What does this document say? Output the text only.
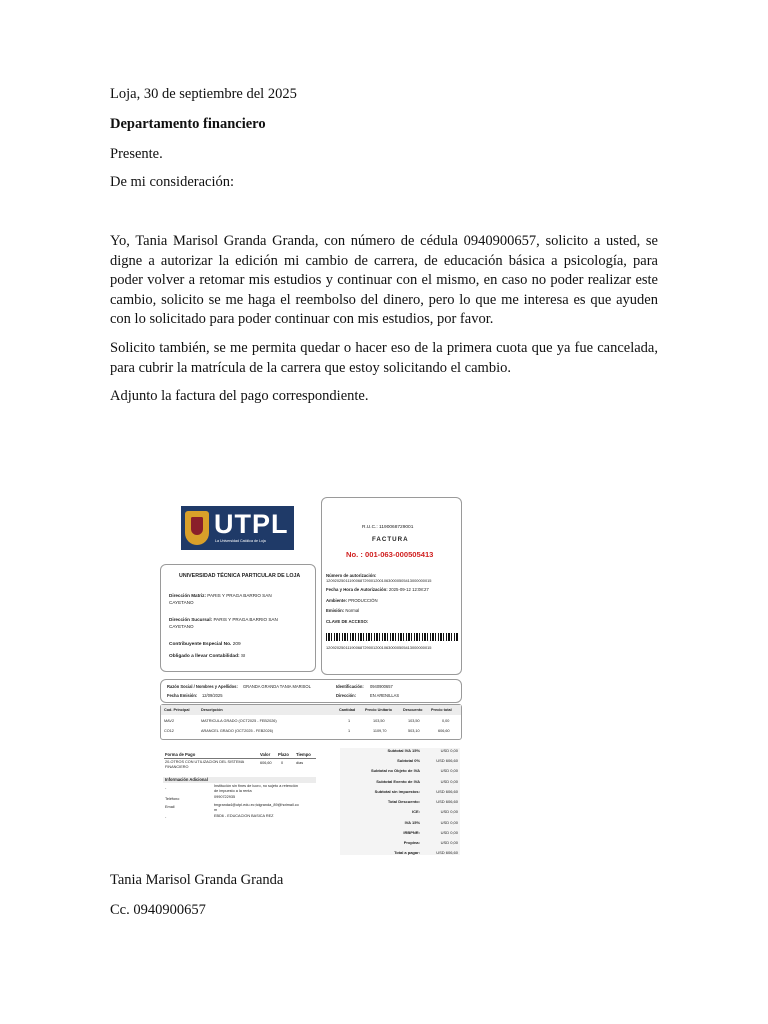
Loja, 30 de septiembre del 2025
Departamento financiero
Presente.
De mi consideración:
Yo, Tania Marisol Granda Granda, con número de cédula 0940900657, solicito a usted, se digne a autorizar la edición mi cambio de carrera, de educación básica a psicología, para poder volver a retomar mis estudios y continuar con el mismo, en caso no poder realizar este cambio, solicito se me haga el reembolso del dinero, pero lo que me interesa es que ayuden con lo solicitado para poder continuar con mis estudios, por favor.
Solicito también, se me permita quedar o hacer eso de la primera cuota que ya fue cancelada, para cubrir la matrícula de la carrera que estoy solicitando el cambio.
Adjunto la factura del pago correspondiente.
UTPL
La Universidad Católica de Loja
UNIVERSIDAD TÉCNICA PARTICULAR DE LOJA
Dirección Matriz: PARIS Y PRAGA BARRIO SAN
CAYETANO
Dirección Sucursal: PARIS Y PRAGA BARRIO SAN
CAYETANO
Contribuyente Especial No. 209
Obligado a llevar Contabilidad: SI
R.U.C.: 1190068729001
FACTURA
No. : 001-063-000505413
Número de autorización:
1209202501119006872900120010630000505413000000015
Fecha y Hora de Autorización: 2025-09-12 12:08:27
Ambiente: PRODUCCIÓN
Emisión: Normal
CLAVE DE ACCESO:
1209202501119006872900120010630000505413000000015
Razón Social / Nombres y Apellidos: GRANDA GRANDA TANIA MARISOL	Identificación: 0940900657
Fecha Emisión: 12/09/2025	Dirección:	EN ARENILLAS
Cod. Principal	Descripción	Cantidad	Precio Unitario	Descuento Precio total
MAV2	MATRICULA GRADO (OCT2025 - FEB2026)	1	103,50	103,50	0,00
CO12	ARANCEL GRADO (OCT2025 - FEB2026)	1	1109,70	503,10	606,60
Forma de Pago	Valor Plazo Tiempo
20-OTROS CON UTILIZACION DEL SISTEMA
FINANCIERO
606,60 0	días
Información Adicional
-	Institución sin fines de lucro, no sujeto a retención
de impuesto a la renta
Teléfono	0990722935
Email	tmgranda4@utpl.edu.ec;tcigranda_89@hotmail.co
m
-	EBD6 - EDUCACION BASICA REZ
Subtotal IVA 15%	USD 0,00
Subtotal 0%	USD 606,60
Subtotal no Objeto de IVA	USD 0,00
Subtotal Exento de IVA	USD 0,00
Subtotal sin impuestos:	USD 606,60
Total Descuento:	USD 606,60
ICE:	USD 0,00
IVA 15%	USD 0,00
IRBPNR:	USD 0,00
Propina:	USD 0,00
Total a pagar:	USD 606,60
Tania Marisol Granda Granda
Cc. 0940900657
